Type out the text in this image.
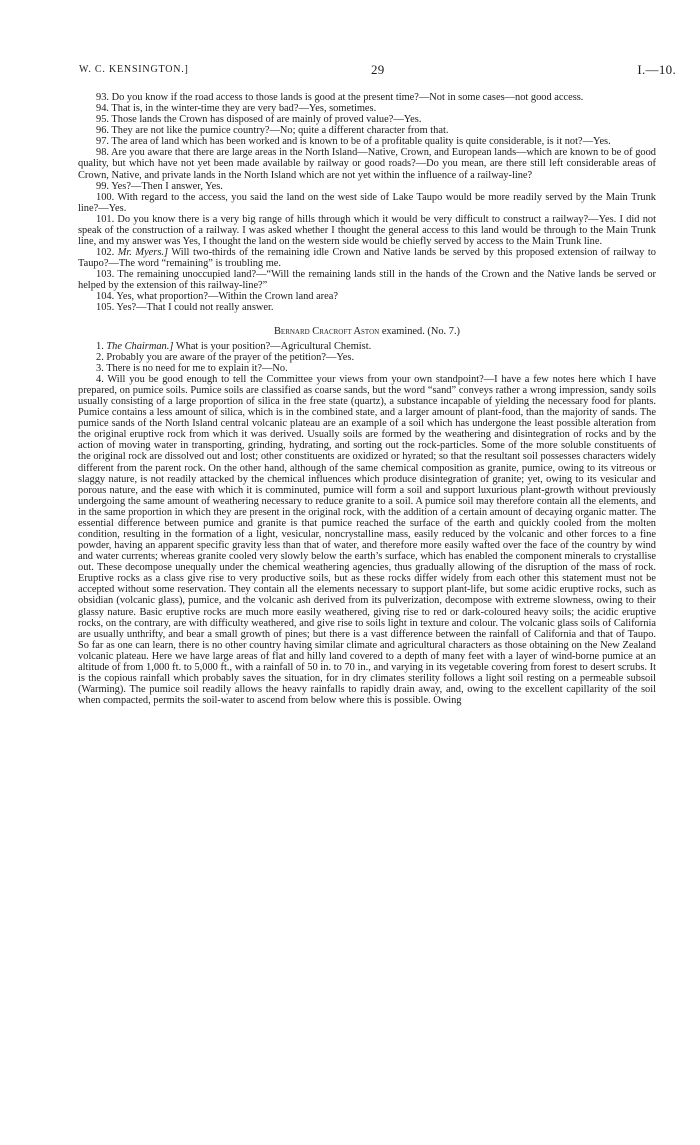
W. C. KENSINGTON.]	29	I.—10.

93. Do you know if the road access to those lands is good at the present time?—Not in some cases—not good access.

94. That is, in the winter-time they are very bad?—Yes, sometimes.

95. Those lands the Crown has disposed of are mainly of proved value?—Yes.

96. They are not like the pumice country?—No; quite a different character from that.

97. The area of land which has been worked and is known to be of a profitable quality is quite considerable, is it not?—Yes.

98. Are you aware that there are large areas in the North Island—Native, Crown, and European lands—which are known to be of good quality, but which have not yet been made available by railway or good roads?—Do you mean, are there still left considerable areas of Crown, Native, and private lands in the North Island which are not yet within the influence of a railway-line?

99. Yes?—Then I answer, Yes.

100. With regard to the access, you said the land on the west side of Lake Taupo would be more readily served by the Main Trunk line?—Yes.

101. Do you know there is a very big range of hills through which it would be very difficult to construct a railway?—Yes. I did not speak of the construction of a railway. I was asked whether I thought the general access to this land would be through to the Main Trunk line, and my answer was Yes, I thought the land on the western side would be chiefly served by access to the Main Trunk line.

102. Mr. Myers.] Will two-thirds of the remaining idle Crown and Native lands be served by this proposed extension of railway to Taupo?—The word “remaining” is troubling me.

103. The remaining unoccupied land?—“Will the remaining lands still in the hands of the Crown and the Native lands be served or helped by the extension of this railway-line?”

104. Yes, what proportion?—Within the Crown land area?

105. Yes?—That I could not really answer.

Bernard Cracroft Aston examined. (No. 7.)

1. The Chairman.] What is your position?—Agricultural Chemist.

2. Probably you are aware of the prayer of the petition?—Yes.

3. There is no need for me to explain it?—No.

4. Will you be good enough to tell the Committee your views from your own standpoint?—I have a few notes here which I have prepared, on pumice soils. Pumice soils are classified as coarse sands, but the word “sand” conveys rather a wrong impression, sandy soils usually consisting of a large proportion of silica in the free state (quartz), a substance incapable of yielding the necessary food for plants. Pumice contains a less amount of silica, which is in the combined state, and a larger amount of plant-food, than the majority of sands. The pumice sands of the North Island central volcanic plateau are an example of a soil which has undergone the least possible alteration from the original eruptive rock from which it was derived. Usually soils are formed by the weathering and disintegration of rocks and by the action of moving water in transporting, grinding, hydrating, and sorting out the rock-particles. Some of the more soluble constituents of the original rock are dissolved out and lost; other constituents are oxidized or hyrated; so that the resultant soil possesses characters widely different from the parent rock. On the other hand, although of the same chemical composition as granite, pumice, owing to its vitreous or slaggy nature, is not readily attacked by the chemical influences which produce disintegration of granite; yet, owing to its vesicular and porous nature, and the ease with which it is comminuted, pumice will form a soil and support luxurious plant-growth without previously undergoing the same amount of weathering necessary to reduce granite to a soil. A pumice soil may therefore contain all the elements, and in the same proportion in which they are present in the original rock, with the addition of a certain amount of decaying organic matter. The essential difference between pumice and granite is that pumice reached the surface of the earth and quickly cooled from the molten condition, resulting in the formation of a light, vesicular, noncrystalline mass, easily reduced by the volcanic and other forces to a fine powder, having an apparent specific gravity less than that of water, and therefore more easily wafted over the face of the country by wind and water currents; whereas granite cooled very slowly below the earth’s surface, which has enabled the component minerals to crystallise out. These decompose unequally under the chemical weathering agencies, thus gradually allowing of the disruption of the mass of rock. Eruptive rocks as a class give rise to very productive soils, but as these rocks differ widely from each other this statement must not be accepted without some reservation. They contain all the elements necessary to support plant-life, but some acidic eruptive rocks, such as obsidian (volcanic glass), pumice, and the volcanic ash derived from its pulverization, decompose with extreme slowness, owing to their glassy nature. Basic eruptive rocks are much more easily weathered, giving rise to red or dark-coloured heavy soils; the acidic eruptive rocks, on the contrary, are with difficulty weathered, and give rise to soils light in texture and colour. The volcanic glass soils of California are usually unthrifty, and bear a small growth of pines; but there is a vast difference between the rainfall of California and that of Taupo. So far as one can learn, there is no other country having similar climate and agricultural characters as those obtaining on the New Zealand volcanic plateau. Here we have large areas of flat and hilly land covered to a depth of many feet with a layer of wind-borne pumice at an altitude of from 1,000 ft. to 5,000 ft., with a rainfall of 50 in. to 70 in., and varying in its vegetable covering from forest to desert scrubs. It is the copious rainfall which probably saves the situation, for in dry climates sterility follows a light soil resting on a permeable subsoil (Warming). The pumice soil readily allows the heavy rainfalls to rapidly drain away, and, owing to the excellent capillarity of the soil when compacted, permits the soil-water to ascend from below where this is possible. Owing
